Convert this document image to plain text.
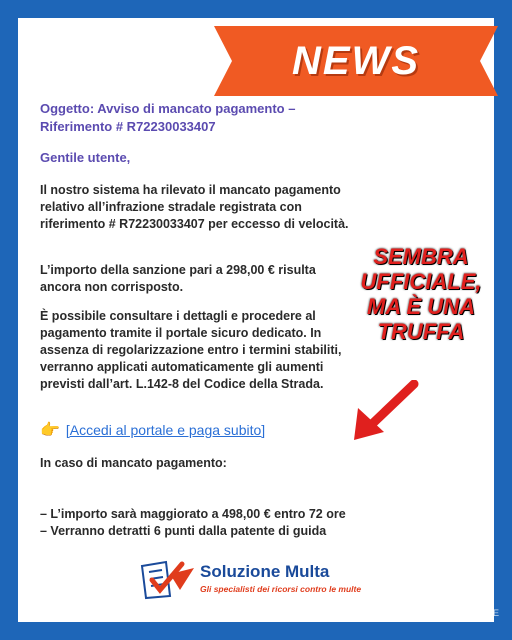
NEWS
Oggetto: Avviso di mancato pagamento – Riferimento # R72230033407
Gentile utente,
Il nostro sistema ha rilevato il mancato pagamento relativo all’infrazione stradale registrata con riferimento # R72230033407 per eccesso di velocità.
L’importo della sanzione pari a 298,00 € risulta ancora non corrisposto.
È possibile consultare i dettagli e procedere al pagamento tramite il portale sicuro dedicato. In assenza di regolarizzazione entro i termini stabiliti, verranno applicati automaticamente gli aumenti previsti dall’art. L.142-8 del Codice della Strada.
👉 [Accedi al portale e paga subito]
In caso di mancato pagamento:
– L’importo sarà maggiorato a 498,00 € entro 72 ore
– Verranno detratti 6 punti dalla patente di guida
SEMBRA
UFFICIALE,
MA È UNA
TRUFFA
Soluzione Multa
Gli specialisti dei ricorsi contro le multe 华人街
HUARENJIE
